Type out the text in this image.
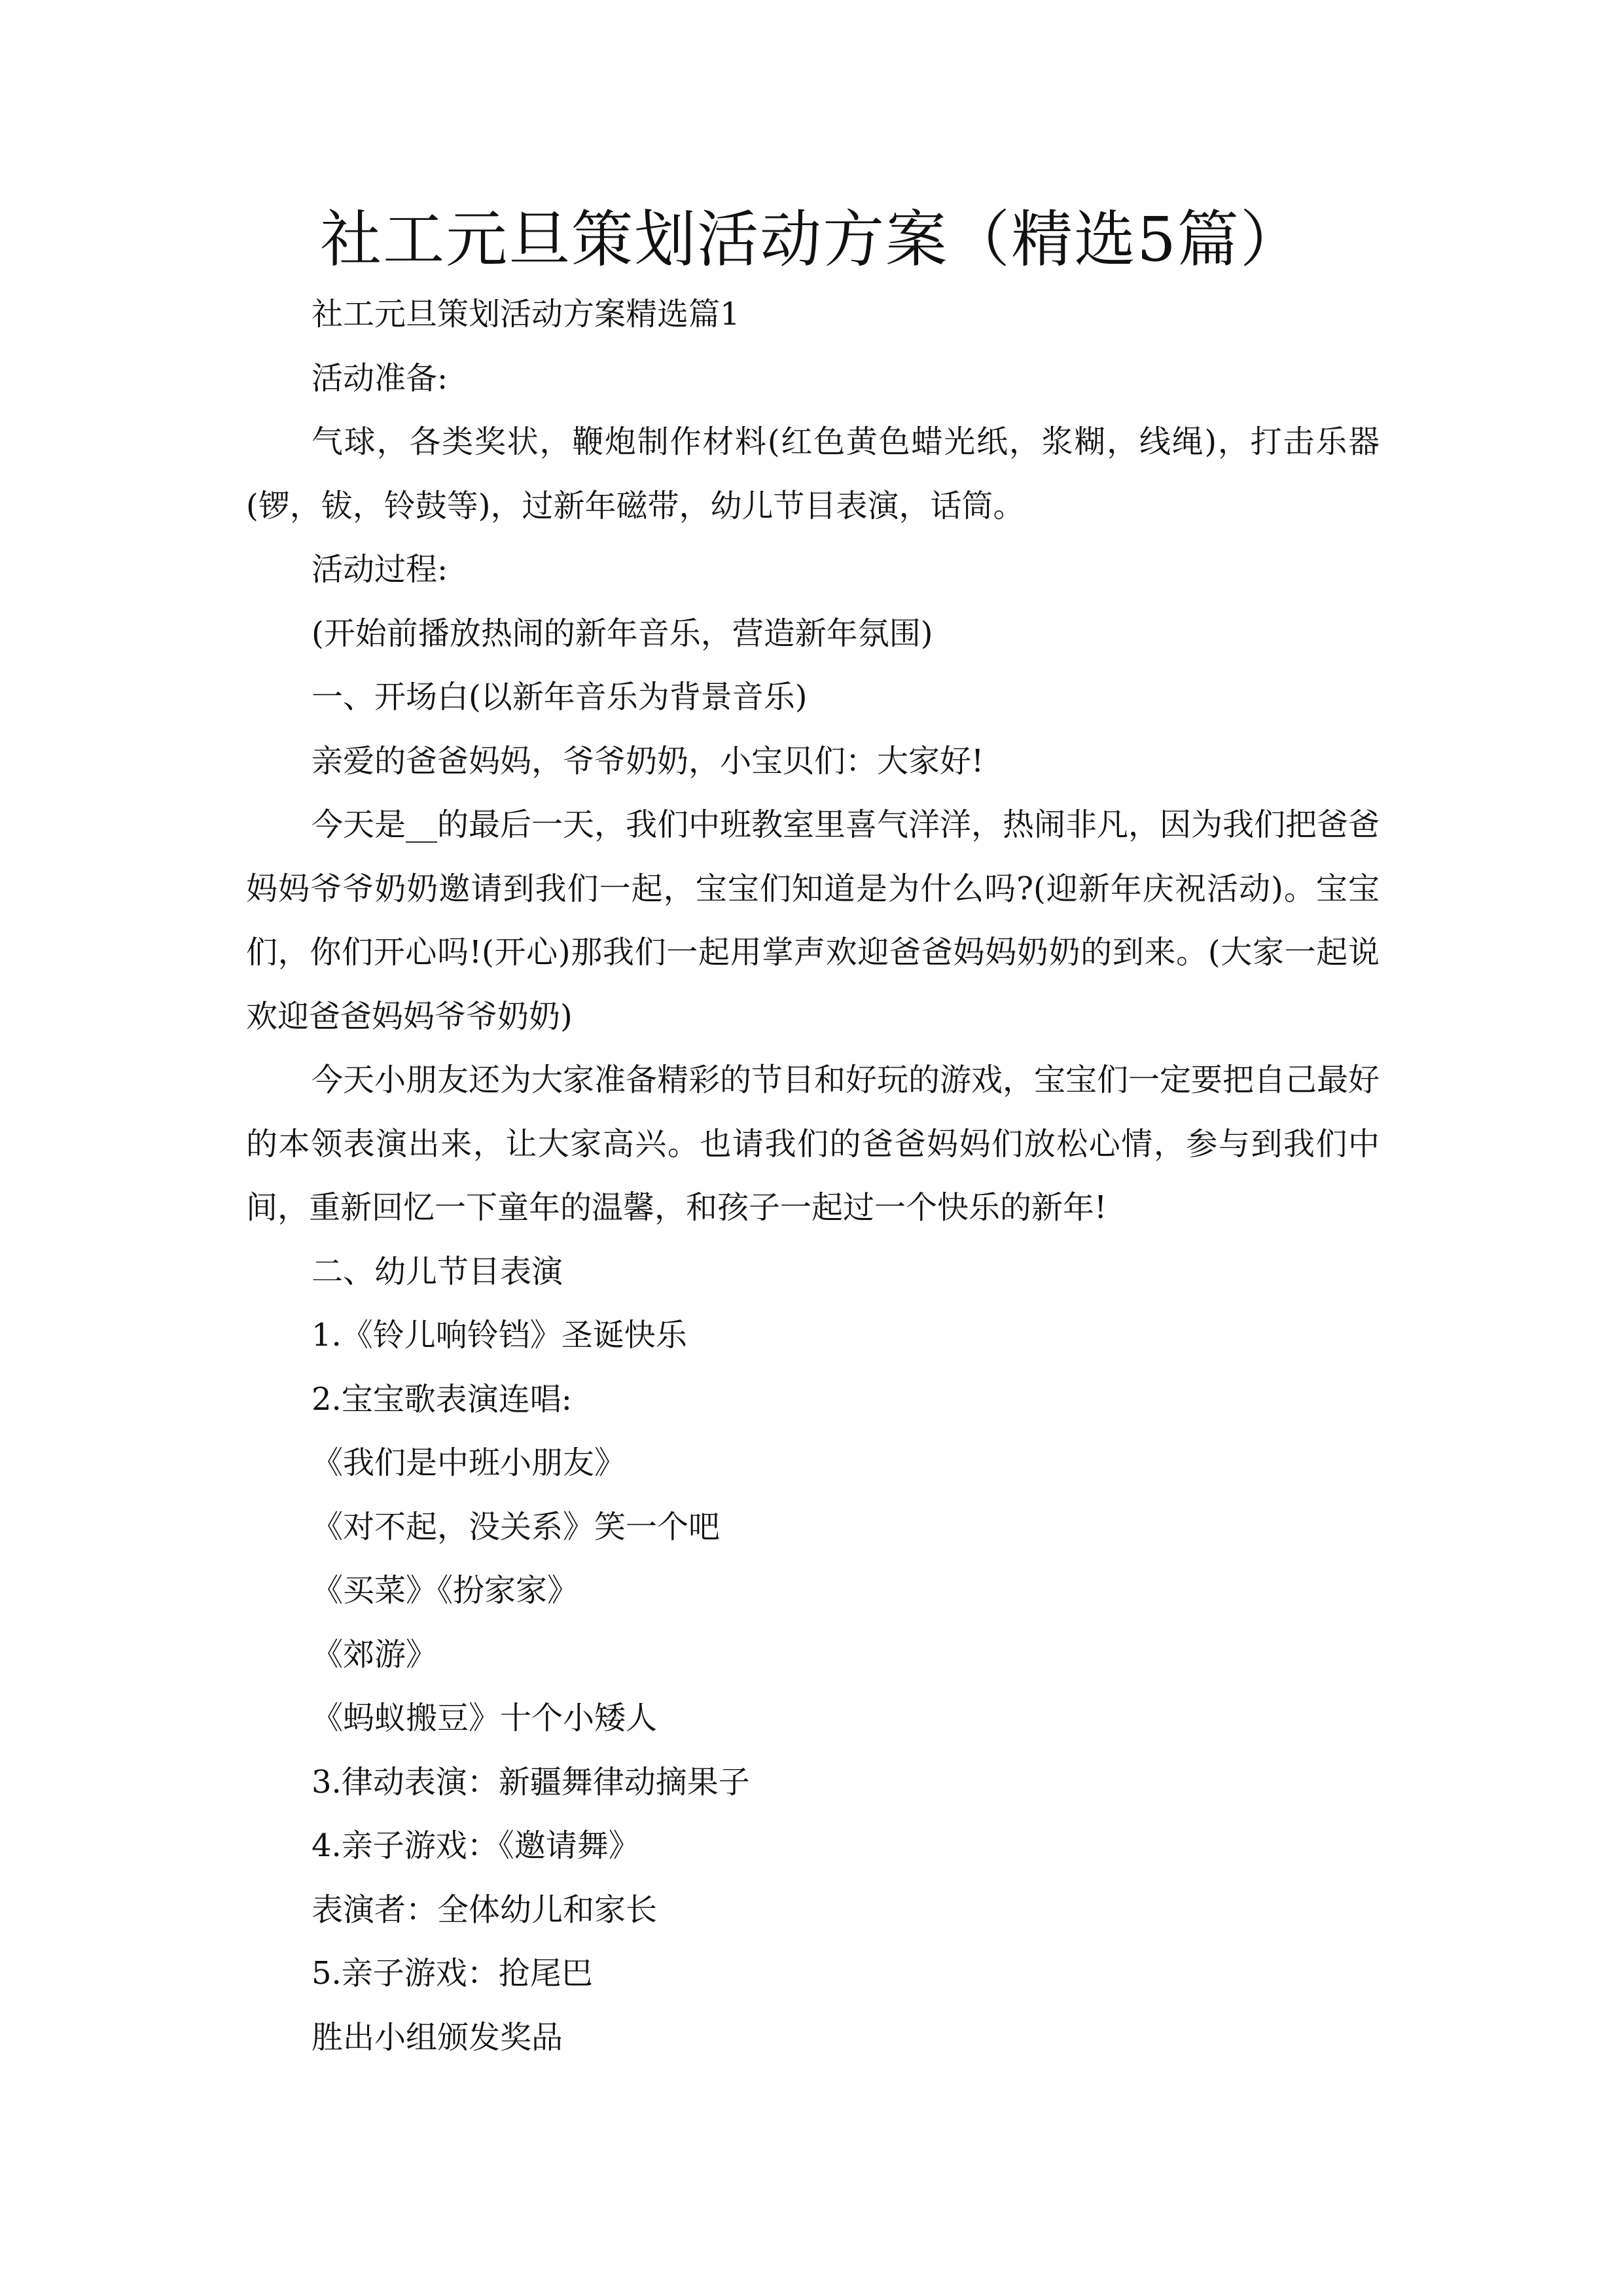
社工元旦策划活动方案（精选5篇）

社工元旦策划活动方案精选篇1

活动准备:

气球，各类奖状，鞭炮制作材料(红色黄色蜡光纸，浆糊，线绳)，打击乐器(锣，钹，铃鼓等)，过新年磁带，幼儿节目表演，话筒。

活动过程:

(开始前播放热闹的新年音乐，营造新年氛围)

一、开场白(以新年音乐为背景音乐)

亲爱的爸爸妈妈，爷爷奶奶，小宝贝们：大家好!

今天是__的最后一天，我们中班教室里喜气洋洋，热闹非凡，因为我们把爸爸妈妈爷爷奶奶邀请到我们一起，宝宝们知道是为什么吗?(迎新年庆祝活动)。宝宝们，你们开心吗!(开心)那我们一起用掌声欢迎爸爸妈妈奶奶的到来。(大家一起说欢迎爸爸妈妈爷爷奶奶)

今天小朋友还为大家准备精彩的节目和好玩的游戏，宝宝们一定要把自己最好的本领表演出来，让大家高兴。也请我们的爸爸妈妈们放松心情，参与到我们中间，重新回忆一下童年的温馨，和孩子一起过一个快乐的新年!

二、幼儿节目表演

1.《铃儿响铃铛》圣诞快乐

2.宝宝歌表演连唱:

《我们是中班小朋友》

《对不起，没关系》笑一个吧

《买菜》《扮家家》

《郊游》

《蚂蚁搬豆》十个小矮人

3.律动表演：新疆舞律动摘果子

4.亲子游戏：《邀请舞》

表演者：全体幼儿和家长

5.亲子游戏：抢尾巴

胜出小组颁发奖品
